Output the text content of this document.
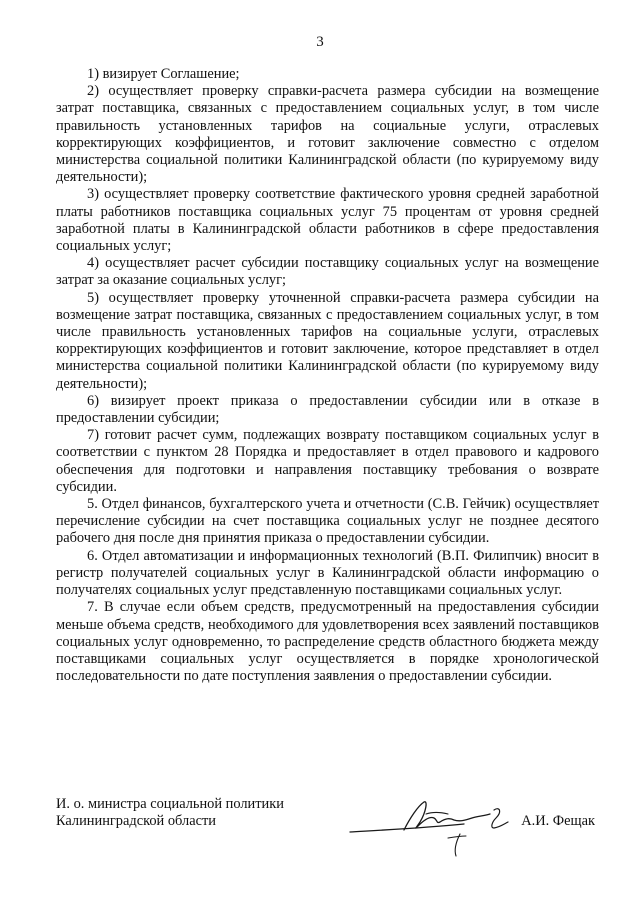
3

1) визирует Соглашение;

2) осуществляет проверку справки-расчета размера субсидии на возмещение затрат поставщика, связанных с предоставлением социальных услуг, в том числе правильность установленных тарифов на социальные услуги, отраслевых корректирующих коэффициентов, и готовит заключение совместно с отделом министерства социальной политики Калининградской области (по курируемому виду деятельности);

3) осуществляет проверку соответствие фактического уровня средней заработной платы работников поставщика социальных услуг 75 процентам от уровня средней заработной платы в Калининградской области работников в сфере предоставления социальных услуг;

4) осуществляет расчет субсидии поставщику социальных услуг на возмещение затрат за оказание социальных услуг;

5) осуществляет проверку уточненной справки-расчета размера субсидии на возмещение затрат поставщика, связанных с предоставлением социальных услуг, в том числе правильность установленных тарифов на социальные услуги, отраслевых корректирующих коэффициентов и готовит заключение, которое представляет в отдел министерства социальной политики Калининградской области (по курируемому виду деятельности);

6) визирует проект приказа о предоставлении субсидии или в отказе в предоставлении субсидии;

7) готовит расчет сумм, подлежащих возврату поставщиком социальных услуг в соответствии с пунктом 28 Порядка и предоставляет в отдел правового и кадрового обеспечения для подготовки и направления поставщику требования о возврате субсидии.

5. Отдел финансов, бухгалтерского учета и отчетности (С.В. Гейчик) осуществляет перечисление субсидии на счет поставщика социальных услуг не позднее десятого рабочего дня после дня принятия приказа о предоставлении субсидии.

6. Отдел автоматизации и информационных технологий (В.П. Филипчик) вносит в регистр получателей социальных услуг в Калининградской области информацию о получателях социальных услуг представленную поставщиками социальных услуг.

7. В случае если объем средств, предусмотренный на предоставления субсидии меньше объема средств, необходимого для удовлетворения всех заявлений поставщиков социальных услуг одновременно, то распределение средств областного бюджета между поставщиками социальных услуг осуществляется в порядке хронологической последовательности по дате поступления заявления о предоставлении субсидии.

И. о. министра социальной политики
Калининградской области	А.И. Фещак
